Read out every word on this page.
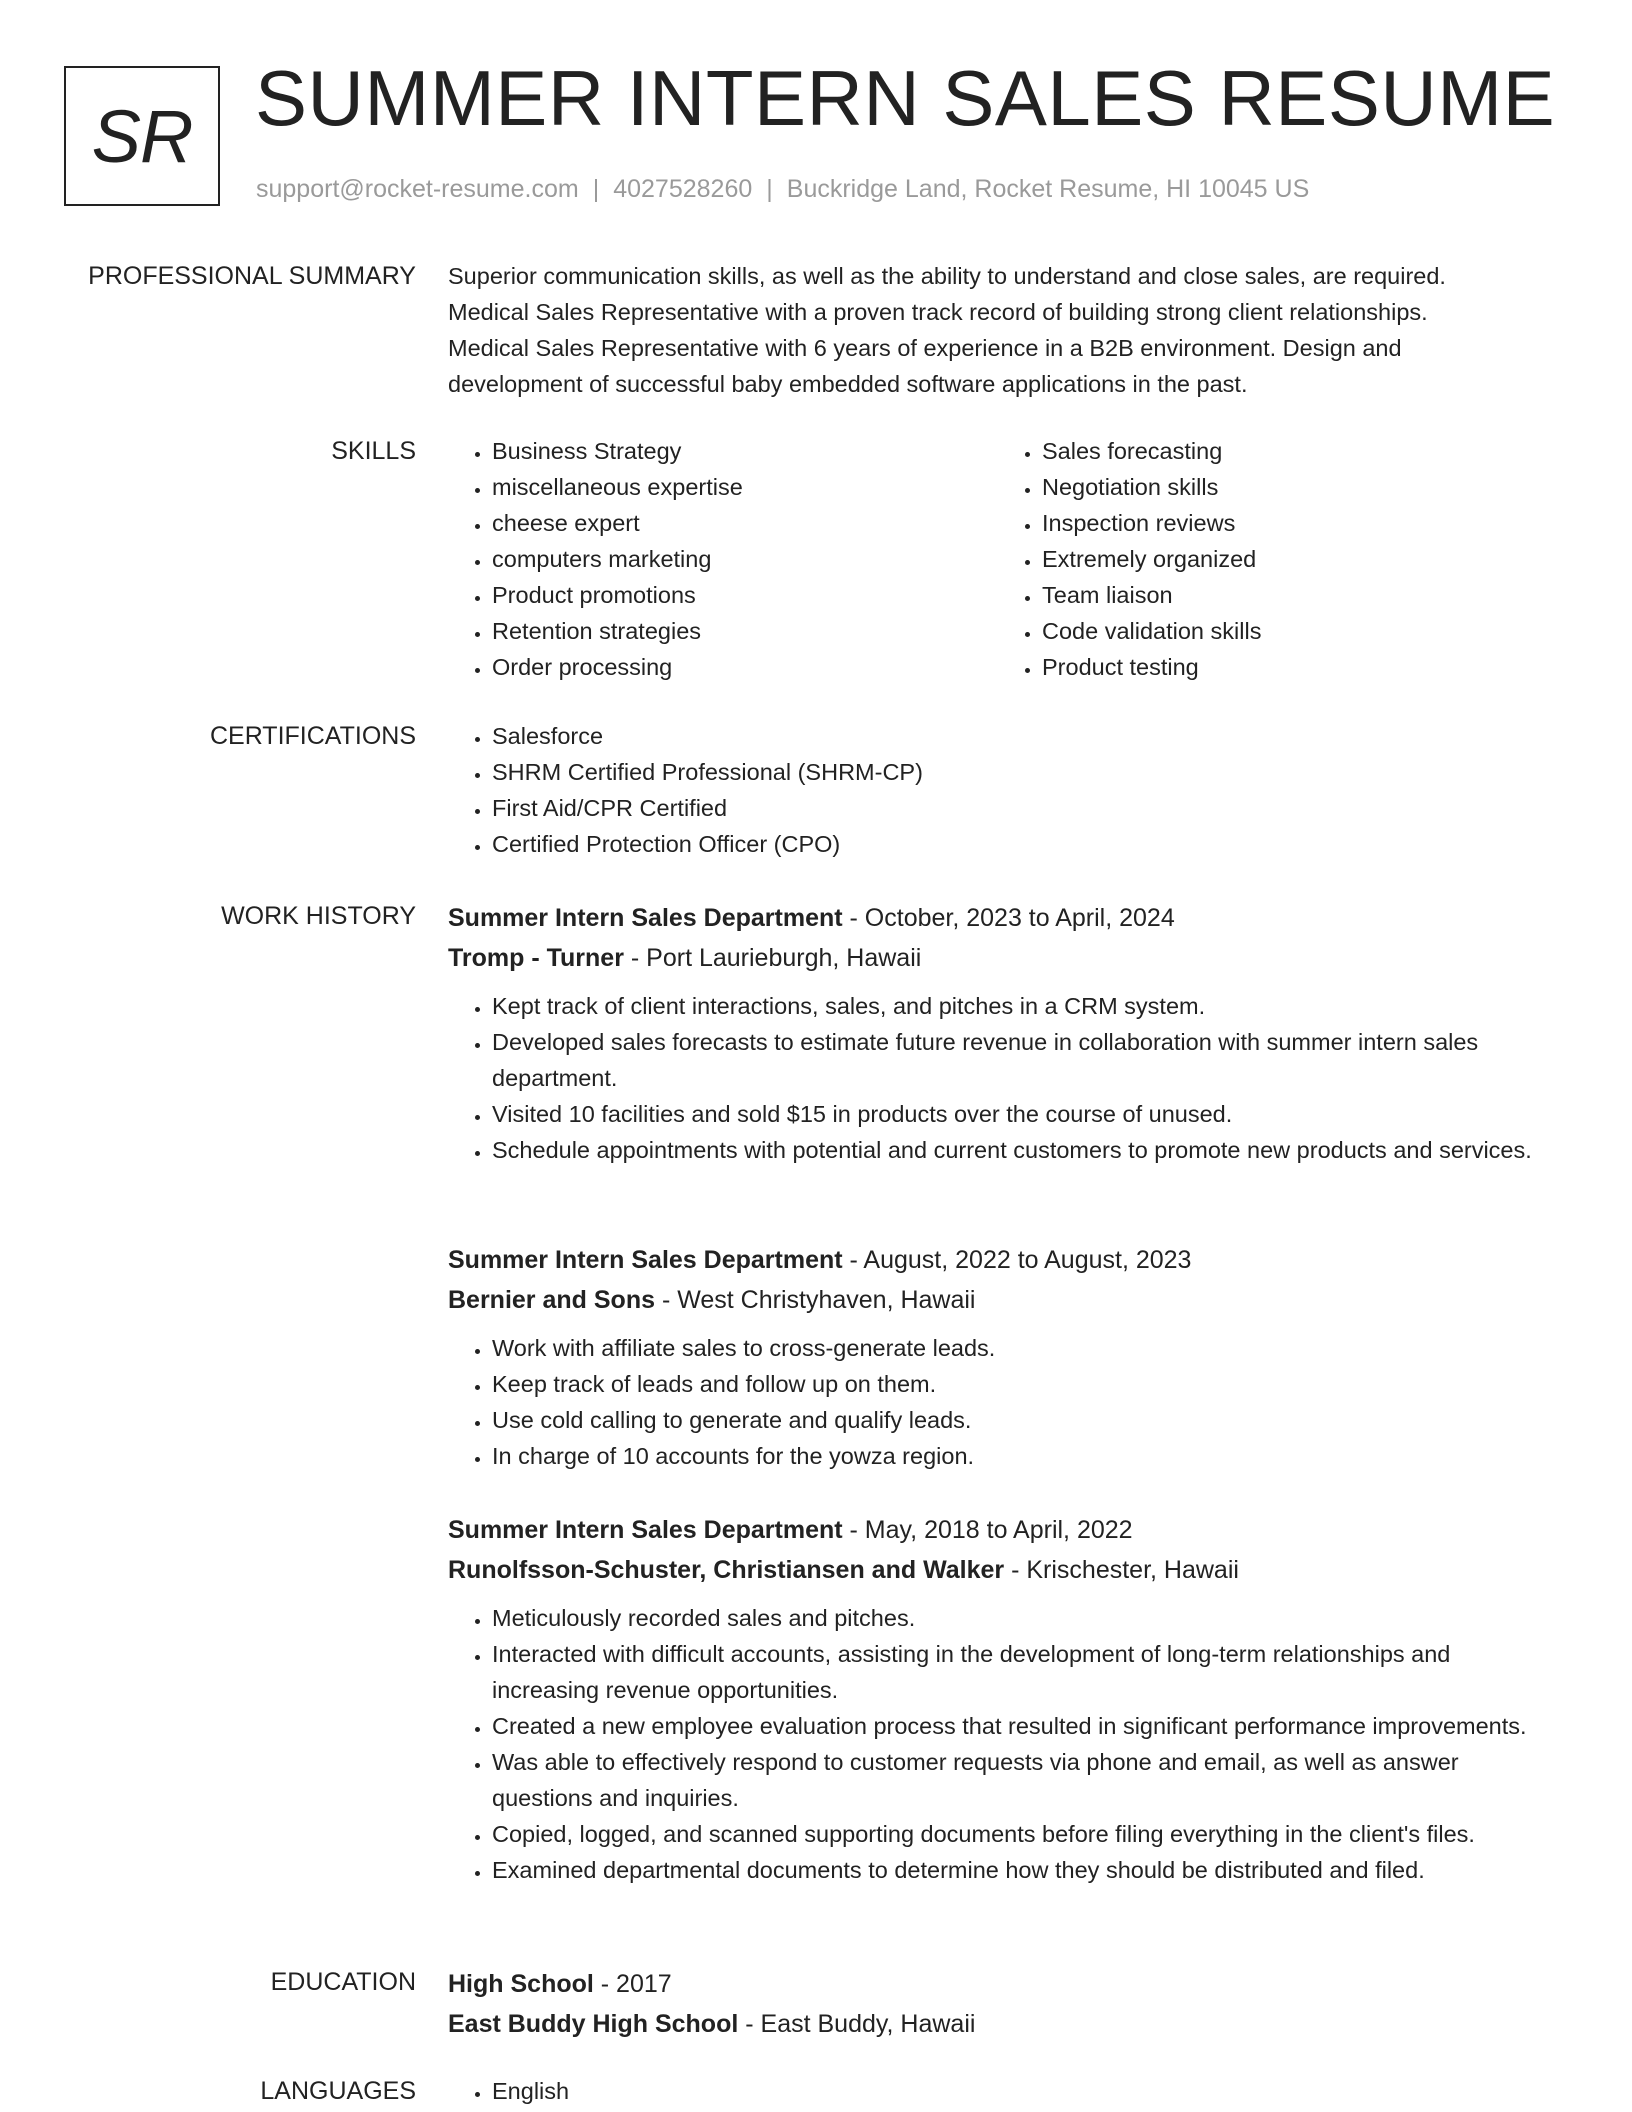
SR SUMMER INTERN SALES RESUME
support@rocket-resume.com | 4027528260 | Buckridge Land, Rocket Resume, HI 10045 US
PROFESSIONAL SUMMARY Superior communication skills, as well as the ability to understand and close sales, are required.
Medical Sales Representative with a proven track record of building strong client relationships.
Medical Sales Representative with 6 years of experience in a B2B environment. Design and
development of successful baby embedded software applications in the past.
SKILLS	• Business Strategy
• miscellaneous expertise
• cheese expert
• computers marketing
• Product promotions
• Retention strategies
• Order processing
• Sales forecasting
• Negotiation skills
• Inspection reviews
• Extremely organized
• Team liaison
• Code validation skills
• Product testing
CERTIFICATIONS	• Salesforce
• SHRM Certified Professional (SHRM-CP)
• First Aid/CPR Certified
• Certified Protection Officer (CPO)
WORK HISTORY Summer Intern Sales Department - October, 2023 to April, 2024
Tromp - Turner - Port Laurieburgh, Hawaii
• Kept track of client interactions, sales, and pitches in a CRM system.
• Developed sales forecasts to estimate future revenue in collaboration with summer intern sales department.
• Visited 10 facilities and sold $15 in products over the course of unused.
• Schedule appointments with potential and current customers to promote new products and services.
Summer Intern Sales Department - August, 2022 to August, 2023
Bernier and Sons - West Christyhaven, Hawaii
• Work with affiliate sales to cross-generate leads.
• Keep track of leads and follow up on them.
• Use cold calling to generate and qualify leads.
• In charge of 10 accounts for the yowza region.
Summer Intern Sales Department - May, 2018 to April, 2022
Runolfsson-Schuster, Christiansen and Walker - Krischester, Hawaii
• Meticulously recorded sales and pitches.
• Interacted with difficult accounts, assisting in the development of long-term relationships and increasing revenue opportunities.
• Created a new employee evaluation process that resulted in significant performance improvements.
• Was able to effectively respond to customer requests via phone and email, as well as answer questions and inquiries.
• Copied, logged, and scanned supporting documents before filing everything in the client's files.
• Examined departmental documents to determine how they should be distributed and filed.
EDUCATION High School - 2017
East Buddy High School - East Buddy, Hawaii
LANGUAGES	• English
